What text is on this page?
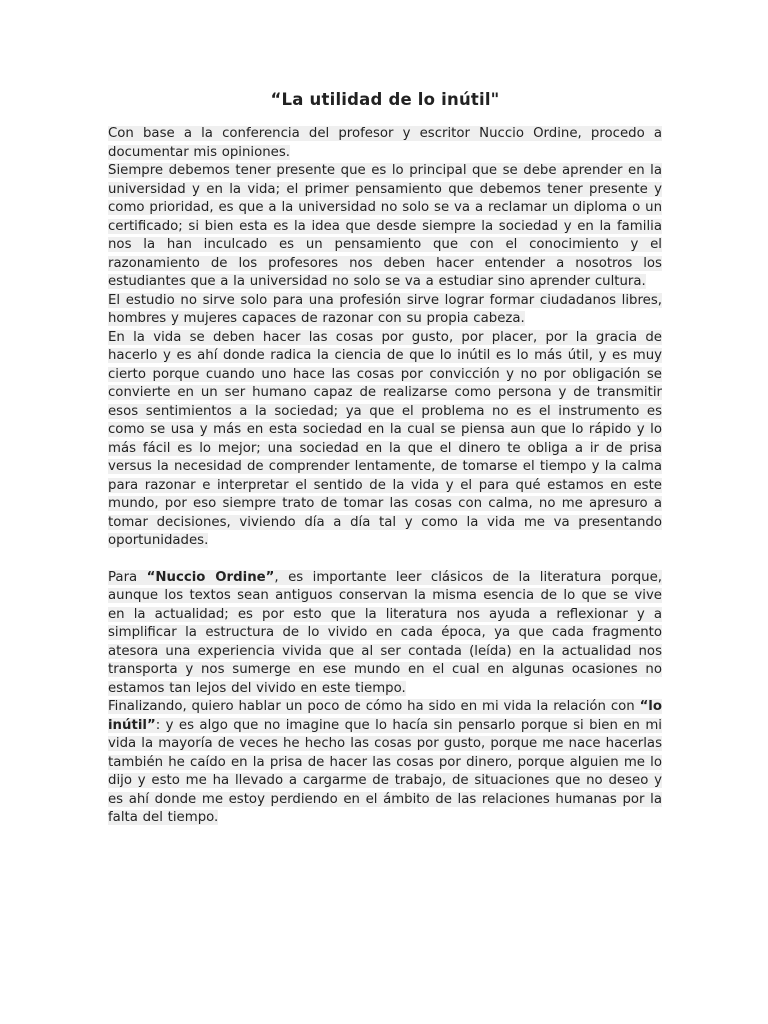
“La utilidad de lo inútil"

Con base a la conferencia del profesor y escritor Nuccio Ordine, procedo a documentar mis opiniones.

Siempre debemos tener presente que es lo principal que se debe aprender en la universidad y en la vida; el primer pensamiento que debemos tener presente y como prioridad, es que a la universidad no solo se va a reclamar un diploma o un certificado; si bien esta es la idea que desde siempre la sociedad y en la familia nos la han inculcado es un pensamiento que con el conocimiento y el razonamiento de los profesores nos deben hacer entender a nosotros los estudiantes que a la universidad no solo se va a estudiar sino aprender cultura.

El estudio no sirve solo para una profesión sirve lograr formar ciudadanos libres, hombres y mujeres capaces de razonar con su propia cabeza.

En la vida se deben hacer las cosas por gusto, por placer, por la gracia de hacerlo y es ahí donde radica la ciencia de que lo inútil es lo más útil, y es muy cierto porque cuando uno hace las cosas por convicción y no por obligación se convierte en un ser humano capaz de realizarse como persona y de transmitir esos sentimientos a la sociedad; ya que el problema no es el instrumento es como se usa y más en esta sociedad en la cual se piensa aun que lo rápido y lo más fácil es lo mejor; una sociedad en la que el dinero te obliga a ir de prisa versus la necesidad de comprender lentamente, de tomarse el tiempo y la calma para razonar e interpretar el sentido de la vida y el para qué estamos en este mundo, por eso siempre trato de tomar las cosas con calma, no me apresuro a tomar decisiones, viviendo día a día tal y como la vida me va presentando oportunidades.

Para “Nuccio Ordine”, es importante leer clásicos de la literatura porque, aunque los textos sean antiguos conservan la misma esencia de lo que se vive en la actualidad; es por esto que la literatura nos ayuda a reflexionar y a simplificar la estructura de lo vivido en cada época, ya que cada fragmento atesora una experiencia vivida que al ser contada (leída) en la actualidad nos transporta y nos sumerge en ese mundo en el cual en algunas ocasiones no estamos tan lejos del vivido en este tiempo.

Finalizando, quiero hablar un poco de cómo ha sido en mi vida la relación con “lo inútil”: y es algo que no imagine que lo hacía sin pensarlo porque si bien en mi vida la mayoría de veces he hecho las cosas por gusto, porque me nace hacerlas también he caído en la prisa de hacer las cosas por dinero, porque alguien me lo dijo y esto me ha llevado a cargarme de trabajo, de situaciones que no deseo y es ahí donde me estoy perdiendo en el ámbito de las relaciones humanas por la falta del tiempo.
